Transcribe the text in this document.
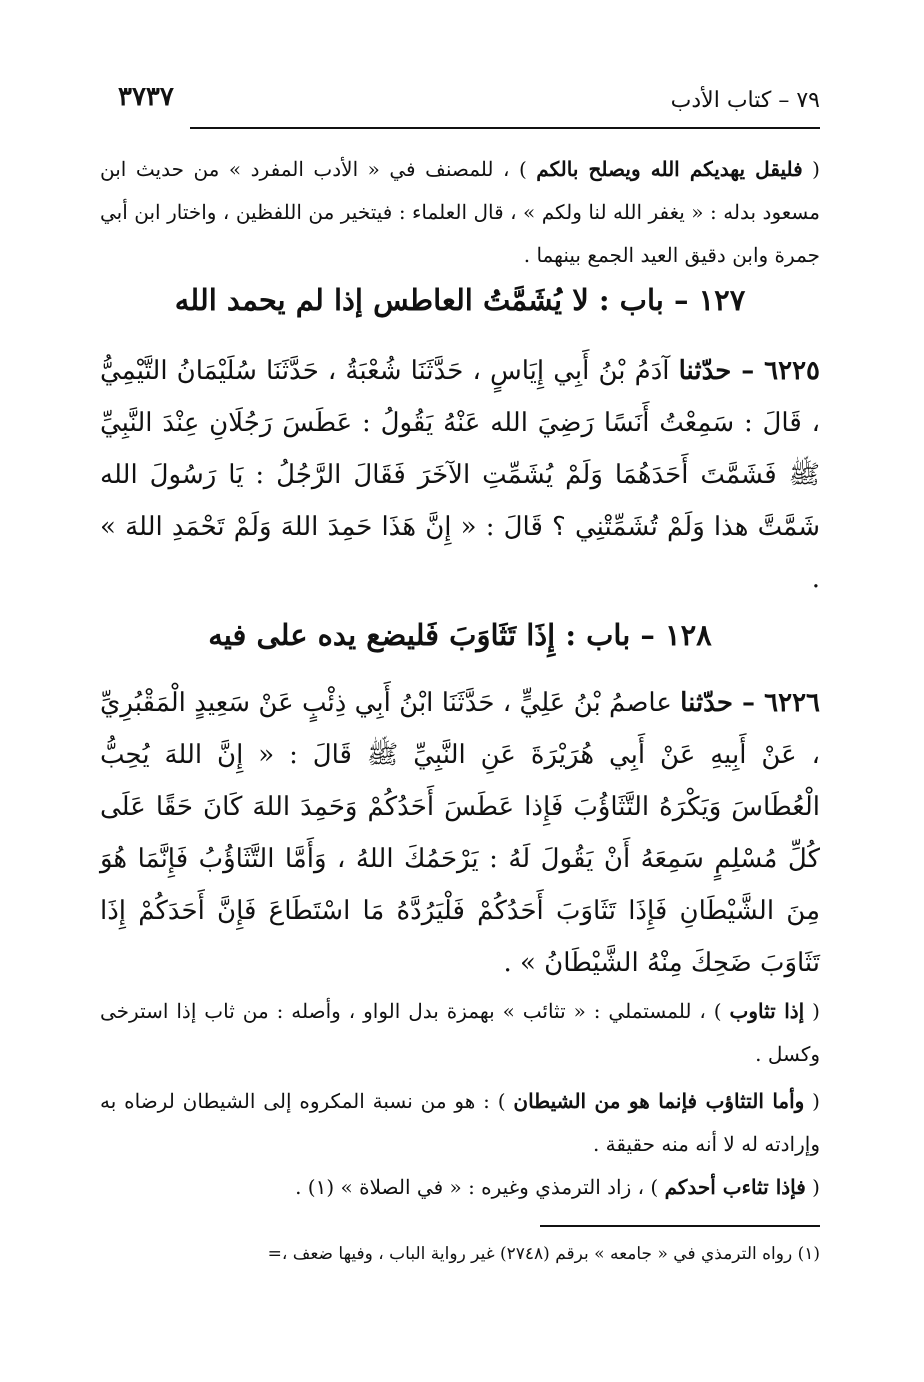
٣٧٣٧	٧٩ – كتاب الأدب
( فليقل يهديكم الله ويصلح بالكم ) ، للمصنف في « الأدب المفرد » من حديث ابن مسعود بدله : « يغفر الله لنا ولكم » ، قال العلماء : فيتخير من اللفظين ، واختار ابن أبي جمرة وابن دقيق العيد الجمع بينهما .
١٢٧ – باب : لا يُشَمَّتُ العاطس إذا لم يحمد الله
٦٢٢٥ – حدّثنا آدَمُ بْنُ أَبِي إِيَاسٍ ، حَدَّثَنَا شُعْبَةُ ، حَدَّثَنَا سُلَيْمَانُ التَّيْمِيُّ ، قَالَ : سَمِعْتُ أَنَسًا رَضِيَ الله عَنْهُ يَقُولُ : عَطَسَ رَجُلَانِ عِنْدَ النَّبِيِّ ﷺ فَشَمَّتَ أَحَدَهُمَا وَلَمْ يُشَمِّتِ الآخَرَ فَقَالَ الرَّجُلُ : يَا رَسُولَ الله شَمَّتَّ هذا وَلَمْ تُشَمِّتْنِي ؟ قَالَ : « إِنَّ هَذَا حَمِدَ اللهَ وَلَمْ تَحْمَدِ اللهَ » .
١٢٨ – باب : إِذَا تَثَاوَبَ فَليضع يده على فيه
٦٢٢٦ – حدّثنا عاصمُ بْنُ عَلِيٍّ ، حَدَّثَنَا ابْنُ أَبِي ذِئْبٍ عَنْ سَعِيدٍ الْمَقْبُرِيِّ ، عَنْ أَبِيهِ عَنْ أَبِي هُرَيْرَةَ عَنِ النَّبِيِّ ﷺ قَالَ : « إِنَّ اللهَ يُحِبُّ الْعُطَاسَ وَيَكْرَهُ التَّثَاؤُبَ فَإِذا عَطَسَ أَحَدُكُمْ وَحَمِدَ اللهَ كَانَ حَقًا عَلَى كُلِّ مُسْلِمٍ سَمِعَهُ أَنْ يَقُولَ لَهُ : يَرْحَمُكَ اللهُ ، وَأَمَّا التَّثَاؤُبُ فَإِنَّمَا هُوَ مِنَ الشَّيْطَانِ فَإِذَا تَثَاوَبَ أَحَدُكُمْ فَلْيَرُدَّهُ مَا اسْتَطَاعَ فَإِنَّ أَحَدَكُمْ إِذَا تَثَاوَبَ ضَحِكَ مِنْهُ الشَّيْطَانُ » .
( إذا تثاوب ) ، للمستملي : « تثائب » بهمزة بدل الواو ، وأصله : من ثاب إذا استرخى وكسل .
( وأما التثاؤب فإنما هو من الشيطان ) : هو من نسبة المكروه إلى الشيطان لرضاه به وإرادته له لا أنه منه حقيقة .
( فإذا تثاءب أحدكم ) ، زاد الترمذي وغيره : « في الصلاة » (١) .
(١) رواه الترمذي في « جامعه » برقم (٢٧٤٨) غير رواية الباب ، وفيها ضعف ،=
